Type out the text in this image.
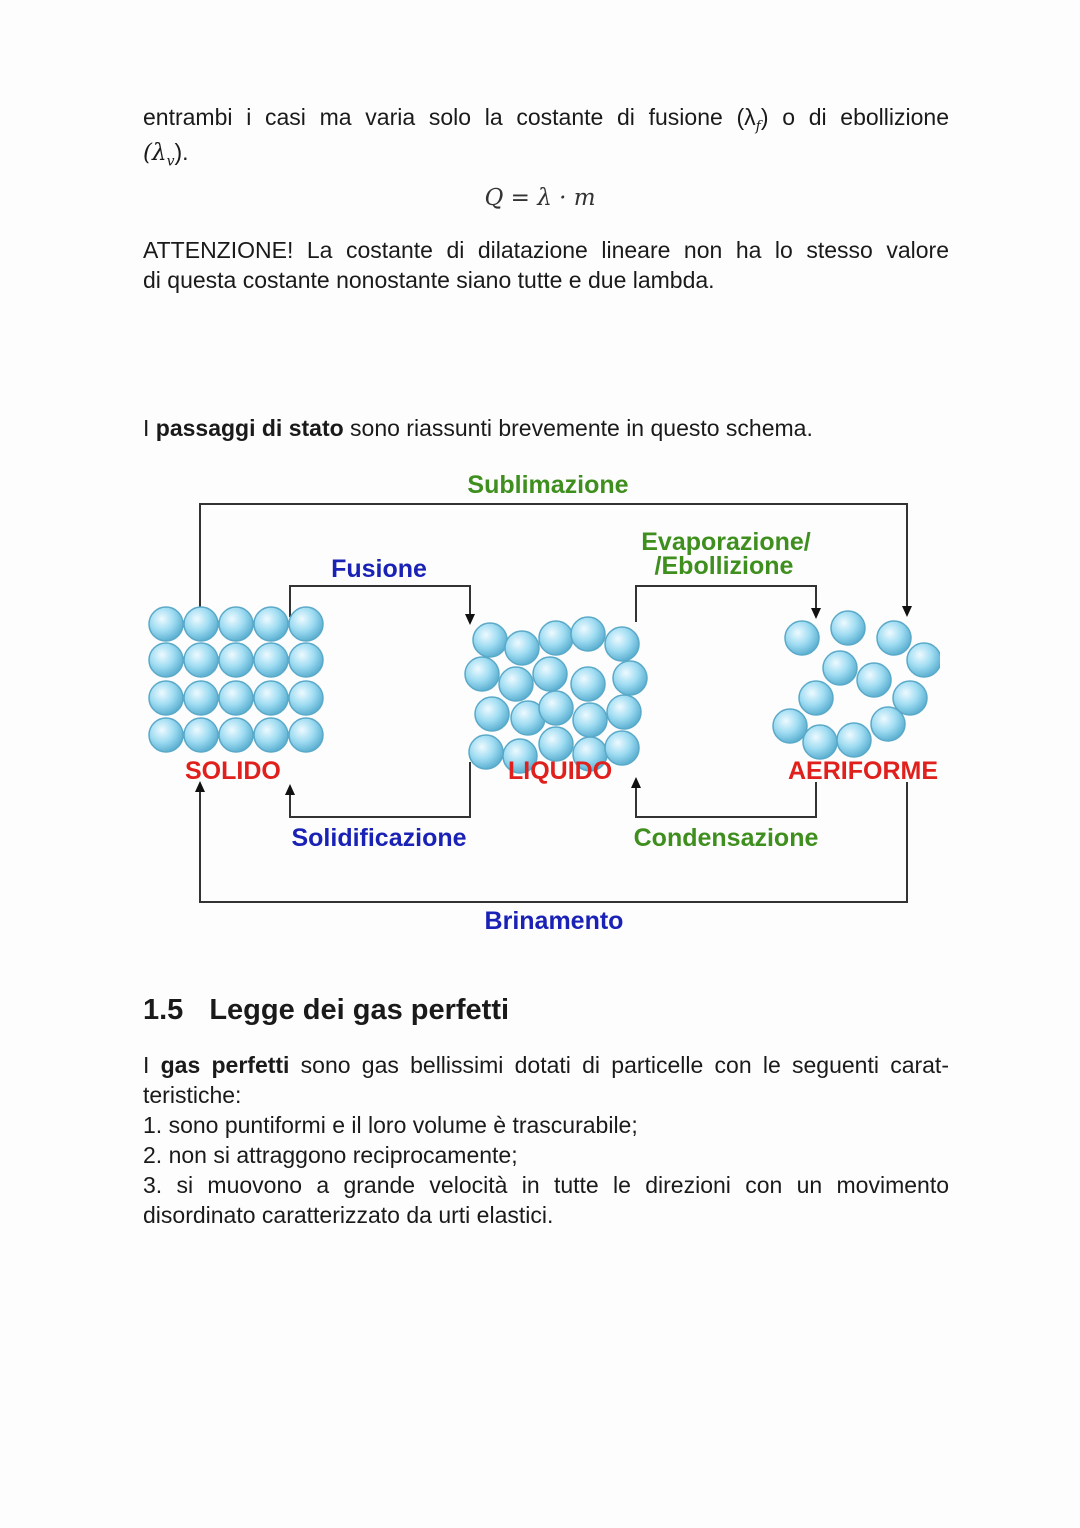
entrambi i casi ma varia solo la costante di fusione $(\lambda_f)$ o di ebollizione
$(\lambda_v)$.
Q = λ · m
ATTENZIONE! La costante di dilatazione lineare non ha lo stesso valore
di questa costante nonostante siano tutte e due lambda.
I passaggi di stato sono riassunti brevemente in questo schema.
Sublimazione
Fusione
Evaporazione/
/Ebollizione
SOLIDO	LIQUIDO	AERIFORME
Solidificazione	Condensazione
Brinamento
1.5 Legge dei gas perfetti
I gas perfetti sono gas bellissimi dotati di particelle con le seguenti carat-
teristiche:
1. sono puntiformi e il loro volume è trascurabile;
2. non si attraggono reciprocamente;
3. si muovono a grande velocità in tutte le direzioni con un movimento
disordinato caratterizzato da urti elastici.
